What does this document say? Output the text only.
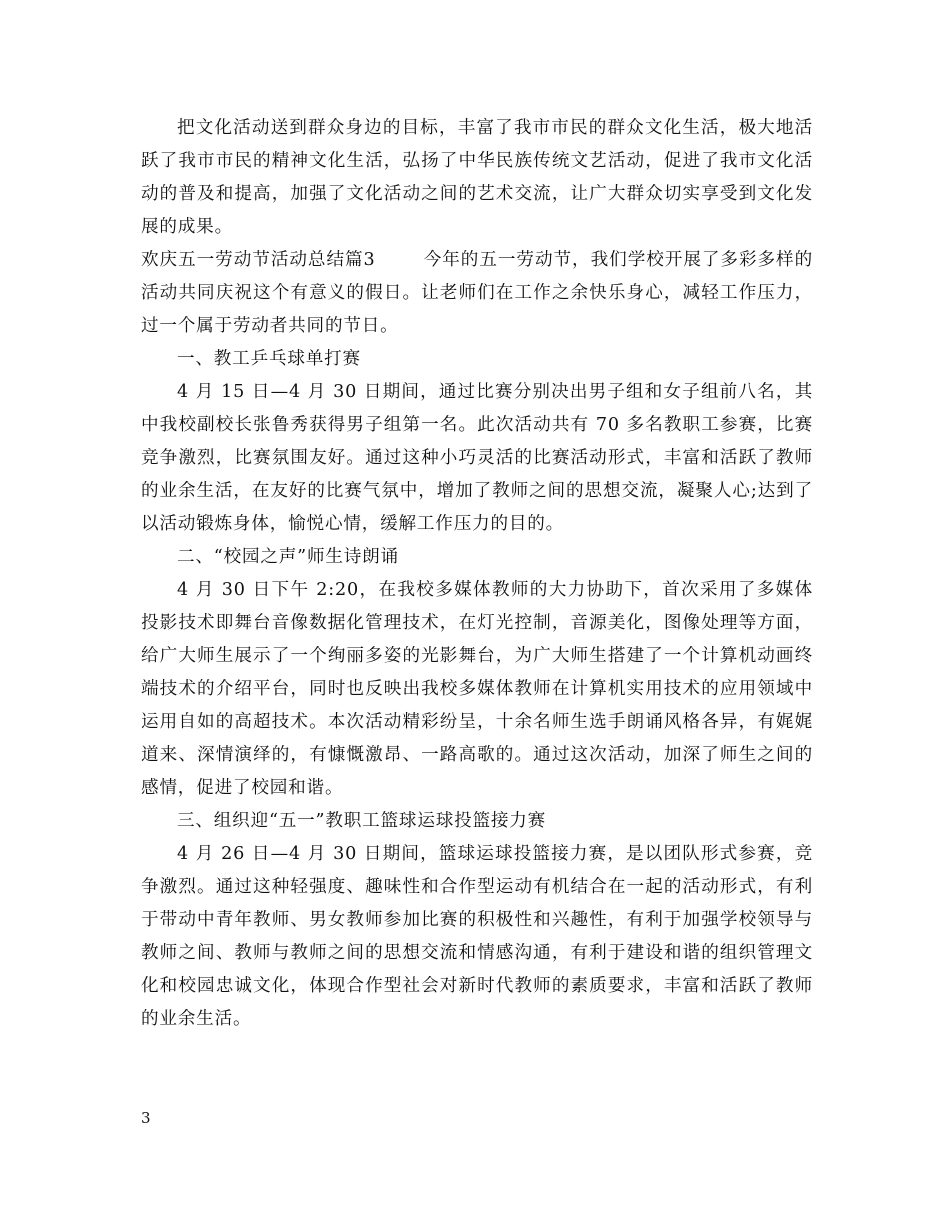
把文化活动送到群众身边的目标，丰富了我市市民的群众文化生活，极大地活跃了我市市民的精神文化生活，弘扬了中华民族传统文艺活动，促进了我市文化活动的普及和提高，加强了文化活动之间的艺术交流，让广大群众切实享受到文化发展的成果。

欢庆五一劳动节活动总结篇3	今年的五一劳动节，我们学校开展了多彩多样的活动共同庆祝这个有意义的假日。让老师们在工作之余快乐身心，减轻工作压力，过一个属于劳动者共同的节日。

一、教工乒乓球单打赛

4 月 15 日—4 月 30 日期间，通过比赛分别决出男子组和女子组前八名，其中我校副校长张鲁秀获得男子组第一名。此次活动共有 70 多名教职工参赛，比赛竞争激烈，比赛氛围友好。通过这种小巧灵活的比赛活动形式，丰富和活跃了教师的业余生活，在友好的比赛气氛中，增加了教师之间的思想交流，凝聚人心;达到了以活动锻炼身体，愉悦心情，缓解工作压力的目的。

二、“校园之声”师生诗朗诵

4 月 30 日下午 2:20，在我校多媒体教师的大力协助下，首次采用了多媒体投影技术即舞台音像数据化管理技术，在灯光控制，音源美化，图像处理等方面，给广大师生展示了一个绚丽多姿的光影舞台，为广大师生搭建了一个计算机动画终端技术的介绍平台，同时也反映出我校多媒体教师在计算机实用技术的应用领域中运用自如的高超技术。本次活动精彩纷呈，十余名师生选手朗诵风格各异，有娓娓道来、深情演绎的，有慷慨激昂、一路高歌的。通过这次活动，加深了师生之间的感情，促进了校园和谐。

三、组织迎“五一”教职工篮球运球投篮接力赛

4 月 26 日—4 月 30 日期间，篮球运球投篮接力赛，是以团队形式参赛，竞争激烈。通过这种轻强度、趣味性和合作型运动有机结合在一起的活动形式，有利于带动中青年教师、男女教师参加比赛的积极性和兴趣性，有利于加强学校领导与教师之间、教师与教师之间的思想交流和情感沟通，有利于建设和谐的组织管理文化和校园忠诚文化，体现合作型社会对新时代教师的素质要求，丰富和活跃了教师的业余生活。

3
